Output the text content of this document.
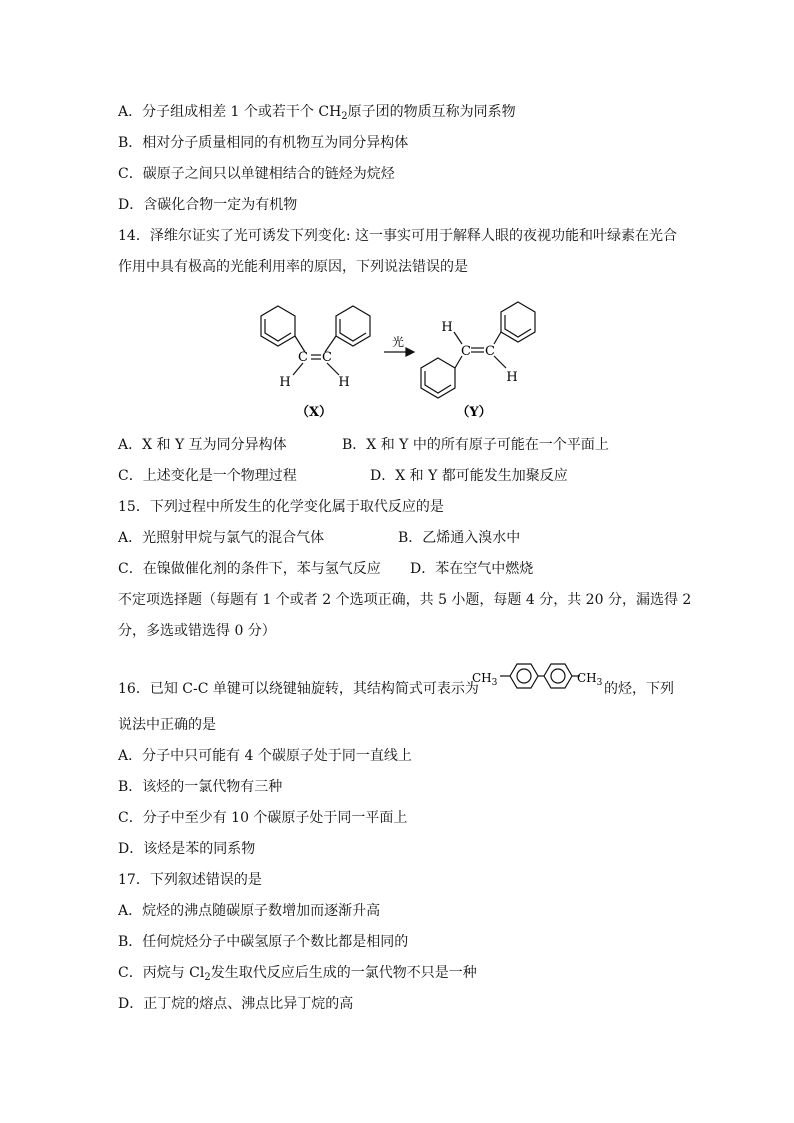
A．分子组成相差 1 个或若干个 $CH_2$原子团的物质互称为同系物
B．相对分子质量相同的有机物互为同分异构体
C．碳原子之间只以单键相结合的链烃为烷烃
D．含碳化合物一定为有机物
14．泽维尔证实了光可诱发下列变化: 这一事实可用于解释人眼的夜视功能和叶绿素在光合
作用中具有极高的光能利用率的原因，下列说法错误的是
C C
H	H
（X）
光
H
C C
H
（Y）
$CH_3$	$CH_3$
A．X 和 Y 互为同分异构体	B．X 和 Y 中的所有原子可能在一个平面上
C．上述变化是一个物理过程	D．X 和 Y 都可能发生加聚反应
15．下列过程中所发生的化学变化属于取代反应的是
A．光照射甲烷与氯气的混合气体	B．乙烯通入溴水中
C．在镍做催化剂的条件下，苯与氢气反应 D．苯在空气中燃烧
不定项选择题（每题有 1 个或者 2 个选项正确，共 5 小题，每题 4 分，共 20 分，漏选得 2
分，多选或错选得 0 分）
16．已知 C-C 单键可以绕键轴旋转，其结构简式可表示为	的烃，下列
说法中正确的是
A．分子中只可能有 4 个碳原子处于同一直线上
B．该烃的一氯代物有三种
C．分子中至少有 10 个碳原子处于同一平面上
D．该烃是苯的同系物
17．下列叙述错误的是
A．烷烃的沸点随碳原子数增加而逐渐升高
B．任何烷烃分子中碳氢原子个数比都是相同的
C．丙烷与 $Cl_2$发生取代反应后生成的一氯代物不只是一种
D．正丁烷的熔点、沸点比异丁烷的高
